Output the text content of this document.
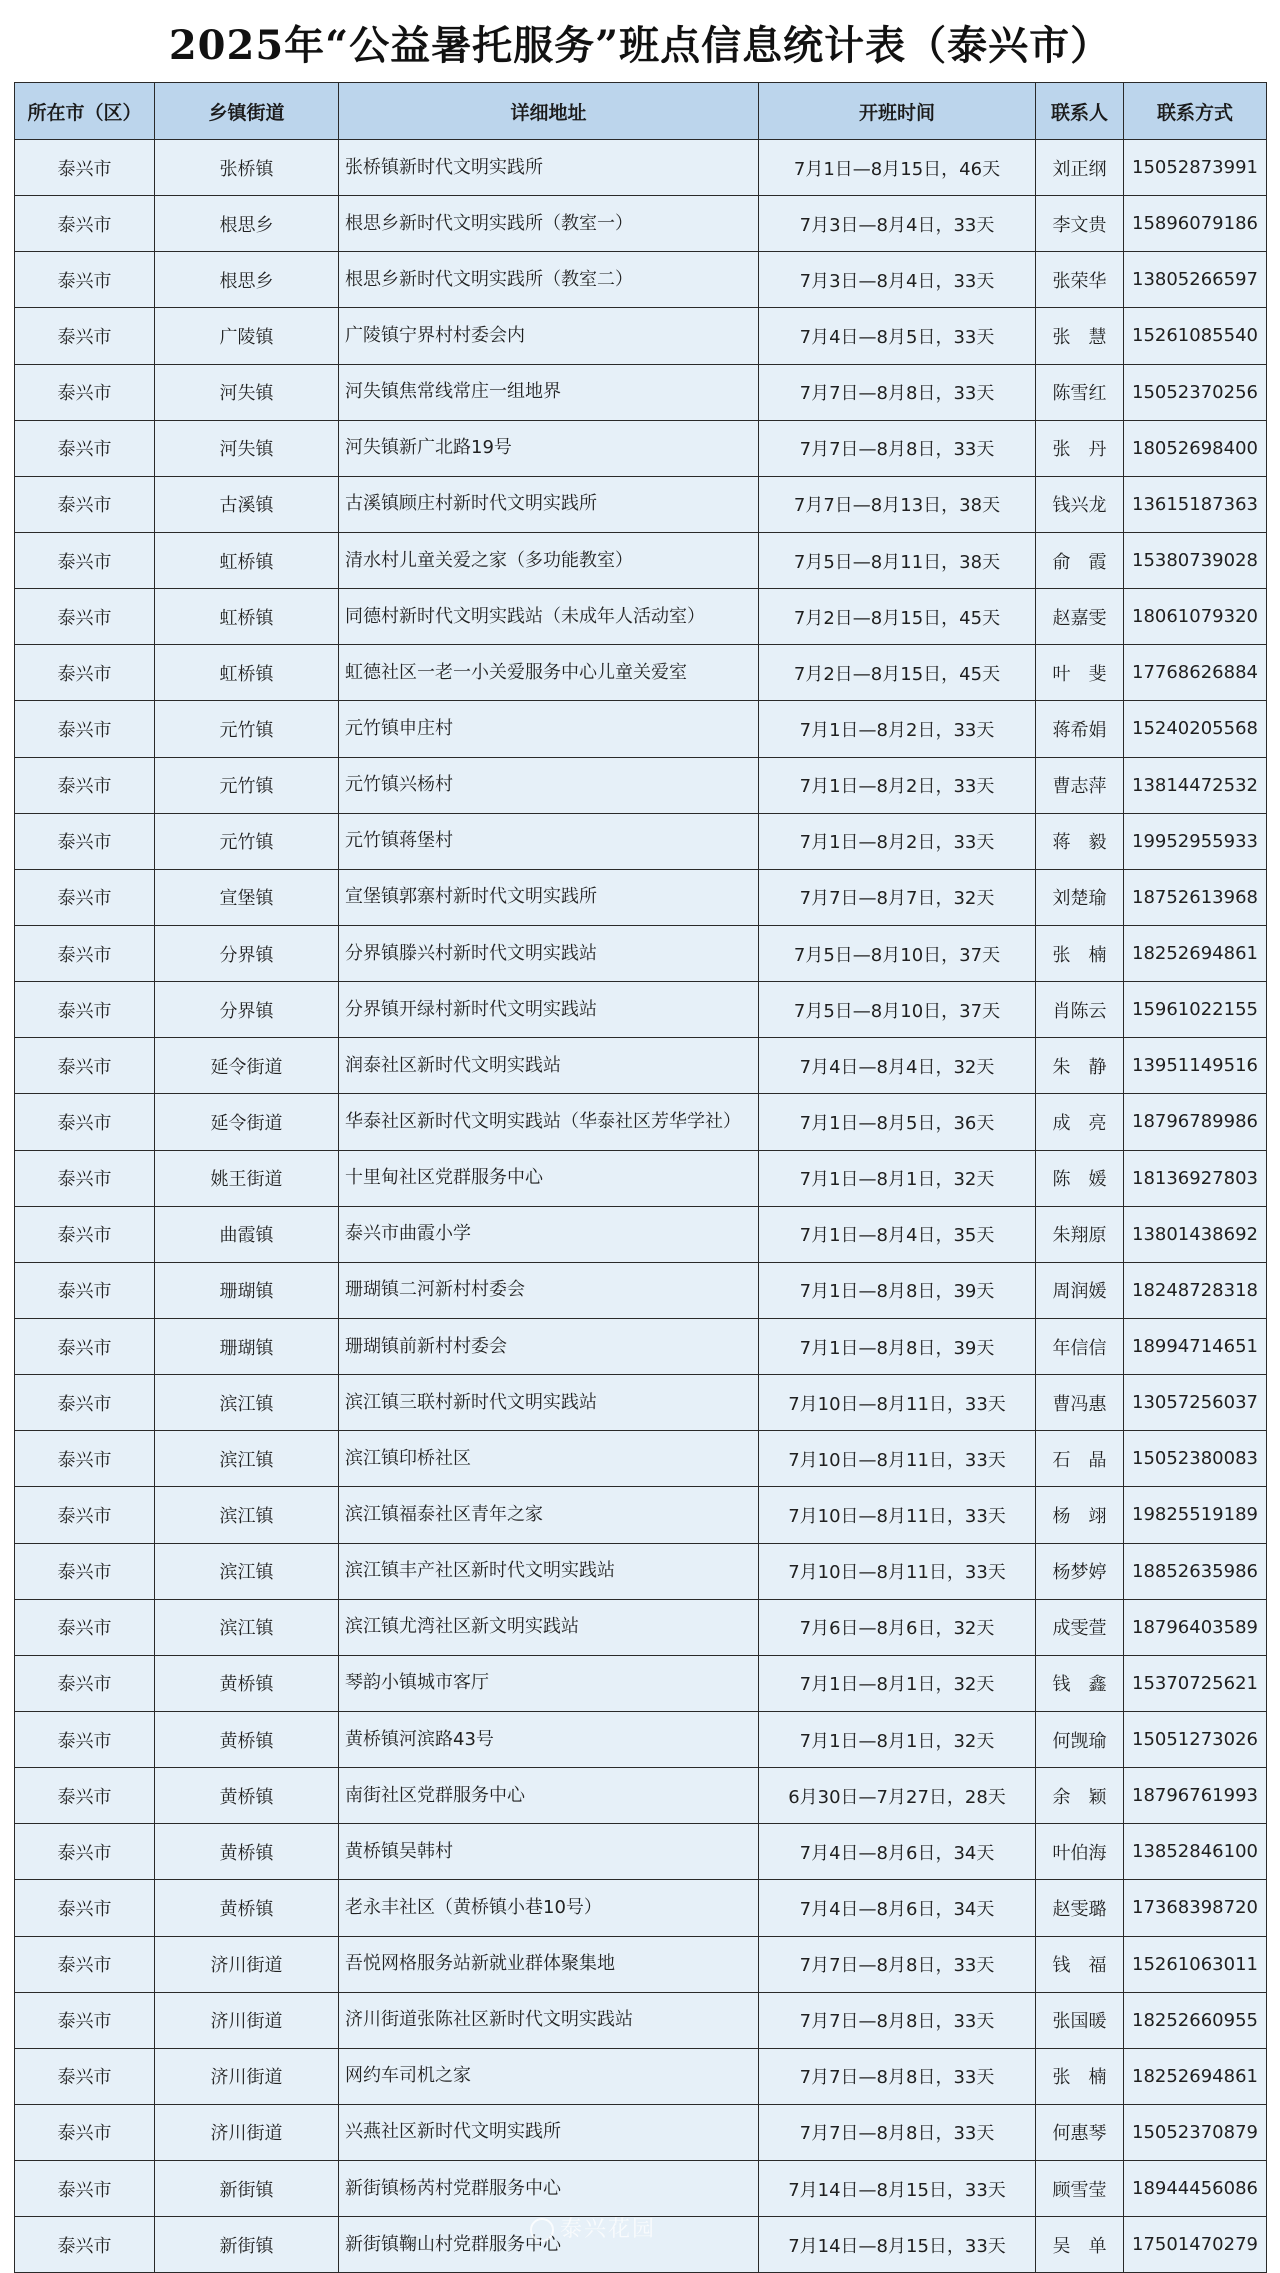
2025年“公益暑托服务”班点信息统计表（泰兴市）
所在市（区）	乡镇街道	详细地址	开班时间	联系人	联系方式
泰兴市	张桥镇	张桥镇新时代文明实践所	7月1日—8月15日，46天	刘正纲	15052873991
泰兴市	根思乡	根思乡新时代文明实践所（教室一）	7月3日—8月4日，33天	李文贵	15896079186
泰兴市	根思乡	根思乡新时代文明实践所（教室二）	7月3日—8月4日，33天	张荣华	13805266597
泰兴市	广陵镇	广陵镇宁界村村委会内	7月4日—8月5日，33天	张　慧	15261085540
泰兴市	河失镇	河失镇焦常线常庄一组地界	7月7日—8月8日，33天	陈雪红	15052370256
泰兴市	河失镇	河失镇新广北路19号	7月7日—8月8日，33天	张　丹	18052698400
泰兴市	古溪镇	古溪镇顾庄村新时代文明实践所	7月7日—8月13日，38天	钱兴龙	13615187363
泰兴市	虹桥镇	清水村儿童关爱之家（多功能教室）	7月5日—8月11日，38天	俞　霞	15380739028
泰兴市	虹桥镇	同德村新时代文明实践站（未成年人活动室）	7月2日—8月15日，45天	赵嘉雯	18061079320
泰兴市	虹桥镇	虹德社区一老一小关爱服务中心儿童关爱室	7月2日—8月15日，45天	叶　斐	17768626884
泰兴市	元竹镇	元竹镇申庄村	7月1日—8月2日，33天	蒋希娟	15240205568
泰兴市	元竹镇	元竹镇兴杨村	7月1日—8月2日，33天	曹志萍	13814472532
泰兴市	元竹镇	元竹镇蒋堡村	7月1日—8月2日，33天	蒋　毅	19952955933
泰兴市	宣堡镇	宣堡镇郭寨村新时代文明实践所	7月7日—8月7日，32天	刘楚瑜	18752613968
泰兴市	分界镇	分界镇滕兴村新时代文明实践站	7月5日—8月10日，37天	张　楠	18252694861
泰兴市	分界镇	分界镇开绿村新时代文明实践站	7月5日—8月10日，37天	肖陈云	15961022155
泰兴市	延令街道	润泰社区新时代文明实践站	7月4日—8月4日，32天	朱　静	13951149516
泰兴市	延令街道	华泰社区新时代文明实践站（华泰社区芳华学社）	7月1日—8月5日，36天	成　亮	18796789986
泰兴市	姚王街道	十里甸社区党群服务中心	7月1日—8月1日，32天	陈　媛	18136927803
泰兴市	曲霞镇	泰兴市曲霞小学	7月1日—8月4日，35天	朱翔原	13801438692
泰兴市	珊瑚镇	珊瑚镇二河新村村委会	7月1日—8月8日，39天	周润媛	18248728318
泰兴市	珊瑚镇	珊瑚镇前新村村委会	7月1日—8月8日，39天	年信信	18994714651
泰兴市	滨江镇	滨江镇三联村新时代文明实践站	7月10日—8月11日，33天	曹冯惠	13057256037
泰兴市	滨江镇	滨江镇印桥社区	7月10日—8月11日，33天	石　晶	15052380083
泰兴市	滨江镇	滨江镇福泰社区青年之家	7月10日—8月11日，33天	杨　翊	19825519189
泰兴市	滨江镇	滨江镇丰产社区新时代文明实践站	7月10日—8月11日，33天	杨梦婷	18852635986
泰兴市	滨江镇	滨江镇尤湾社区新文明实践站	7月6日—8月6日，32天	成雯萱	18796403589
泰兴市	黄桥镇	琴韵小镇城市客厅	7月1日—8月1日，32天	钱　鑫	15370725621
泰兴市	黄桥镇	黄桥镇河滨路43号	7月1日—8月1日，32天	何觊瑜	15051273026
泰兴市	黄桥镇	南街社区党群服务中心	6月30日—7月27日，28天	余　颖	18796761993
泰兴市	黄桥镇	黄桥镇吴韩村	7月4日—8月6日，34天	叶伯海	13852846100
泰兴市	黄桥镇	老永丰社区（黄桥镇小巷10号）	7月4日—8月6日，34天	赵雯璐	17368398720
泰兴市	济川街道	吾悦网格服务站新就业群体聚集地	7月7日—8月8日，33天	钱　福	15261063011
泰兴市	济川街道	济川街道张陈社区新时代文明实践站	7月7日—8月8日，33天	张国暖	18252660955
泰兴市	济川街道	网约车司机之家	7月7日—8月8日，33天	张　楠	18252694861
泰兴市	济川街道	兴燕社区新时代文明实践所	7月7日—8月8日，33天	何惠琴	15052370879
泰兴市	新街镇	新街镇杨芮村党群服务中心	7月14日—8月15日，33天	顾雪莹	18944456086
泰兴市	新街镇	新街镇鞠山村党群服务中心	7月14日—8月15日，33天	吴　单	17501470279
泰兴花园
